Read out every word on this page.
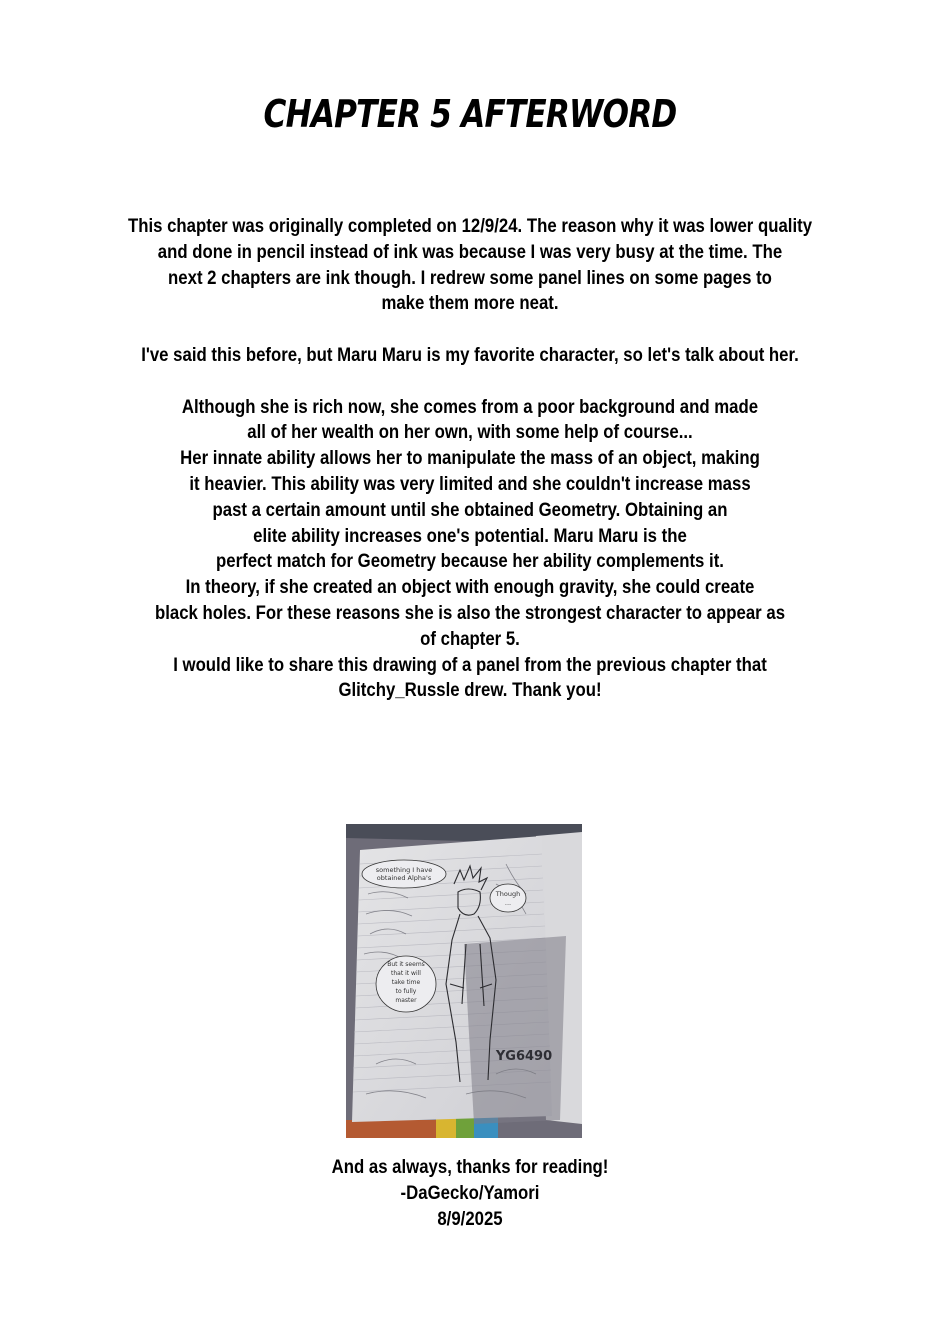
CHAPTER 5 AFTERWORD

This chapter was originally completed on 12/9/24. The reason why it was lower quality

and done in pencil instead of ink was because I was very busy at the time. The

next 2 chapters are ink though. I redrew some panel lines on some pages to

make them more neat.

I've said this before, but Maru Maru is my favorite character, so let's talk about her.

Although she is rich now, she comes from a poor background and made

all of her wealth on her own, with some help of course...

Her innate ability allows her to manipulate the mass of an object, making

it heavier. This ability was very limited and she couldn't increase mass

past a certain amount until she obtained Geometry. Obtaining an

elite ability increases one's potential. Maru Maru is the

perfect match for Geometry because her ability complements it.

In theory, if she created an object with enough gravity, she could create

black holes. For these reasons she is also the strongest character to appear as

of chapter 5.

I would like to share this drawing of a panel from the previous chapter that

Glitchy_Russle drew. Thank you!

something I have
obtained Alpha's
Though
...
But it seems
that it will
take time
to fully
master
YG6490

And as always, thanks for reading!

-DaGecko/Yamori

8/9/2025
